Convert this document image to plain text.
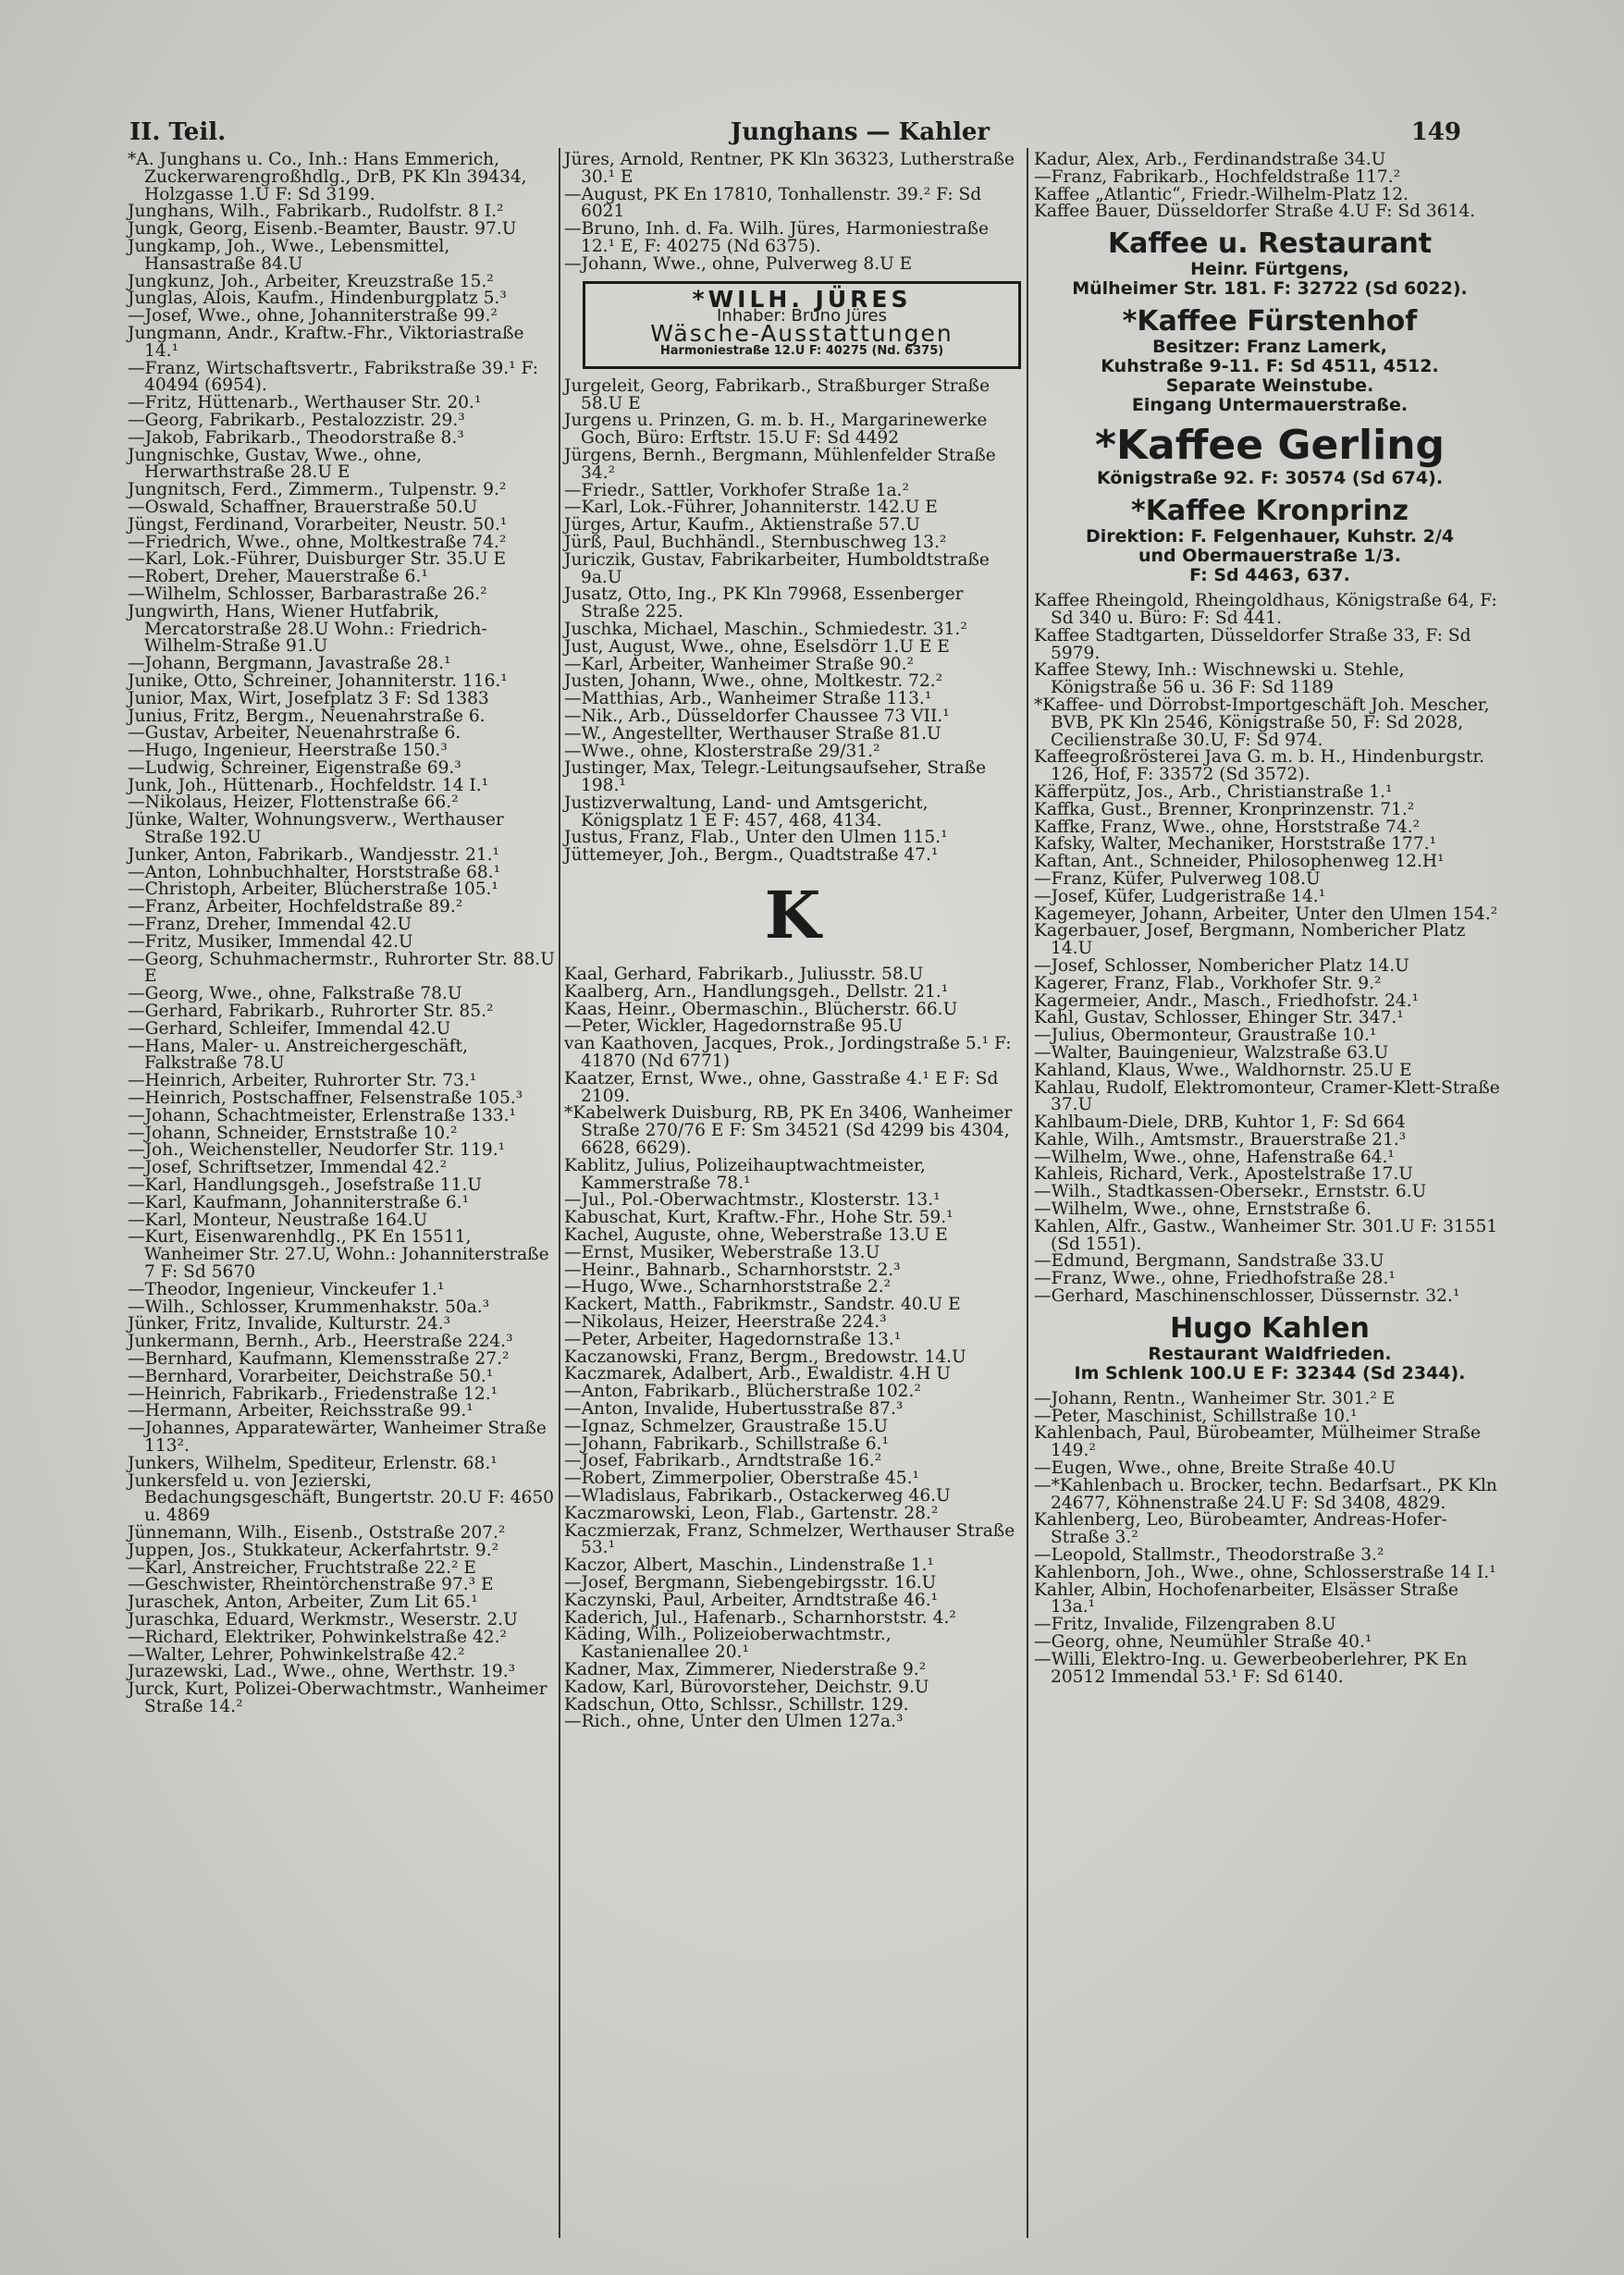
II. Teil.	Junghans — Kahler	149

*A. Junghans u. Co., Inh.: Hans Emmerich, Zuckerwarengroßhdlg., DrB, PK Kln 39434, Holzgasse 1.U F: Sd 3199.

Junghans, Wilh., Fabrikarb., Rudolfstr. 8 I.²

Jungk, Georg, Eisenb.-Beamter, Baustr. 97.U

Jungkamp, Joh., Wwe., Lebensmittel, Hansastraße 84.U

Jungkunz, Joh., Arbeiter, Kreuzstraße 15.²

Junglas, Alois, Kaufm., Hindenburgplatz 5.³

—Josef, Wwe., ohne, Johanniterstraße 99.²

Jungmann, Andr., Kraftw.-Fhr., Viktoriastraße 14.¹

—Franz, Wirtschaftsvertr., Fabrikstraße 39.¹ F: 40494 (6954).

—Fritz, Hüttenarb., Werthauser Str. 20.¹

—Georg, Fabrikarb., Pestalozzistr. 29.³

—Jakob, Fabrikarb., Theodorstraße 8.³

Jungnischke, Gustav, Wwe., ohne, Herwarthstraße 28.U E

Jungnitsch, Ferd., Zimmerm., Tulpenstr. 9.²

—Oswald, Schaffner, Brauerstraße 50.U

Jüngst, Ferdinand, Vorarbeiter, Neustr. 50.¹

—Friedrich, Wwe., ohne, Moltkestraße 74.²

—Karl, Lok.-Führer, Duisburger Str. 35.U E

—Robert, Dreher, Mauerstraße 6.¹

—Wilhelm, Schlosser, Barbarastraße 26.²

Jungwirth, Hans, Wiener Hutfabrik, Mercatorstraße 28.U Wohn.: Friedrich-Wilhelm-Straße 91.U

—Johann, Bergmann, Javastraße 28.¹

Junike, Otto, Schreiner, Johanniterstr. 116.¹

Junior, Max, Wirt, Josefplatz 3 F: Sd 1383

Junius, Fritz, Bergm., Neuenahrstraße 6.

—Gustav, Arbeiter, Neuenahrstraße 6.

—Hugo, Ingenieur, Heerstraße 150.³

—Ludwig, Schreiner, Eigenstraße 69.³

Junk, Joh., Hüttenarb., Hochfeldstr. 14 I.¹

—Nikolaus, Heizer, Flottenstraße 66.²

Jünke, Walter, Wohnungsverw., Werthauser Straße 192.U

Junker, Anton, Fabrikarb., Wandjesstr. 21.¹

—Anton, Lohnbuchhalter, Horststraße 68.¹

—Christoph, Arbeiter, Blücherstraße 105.¹

—Franz, Arbeiter, Hochfeldstraße 89.²

—Franz, Dreher, Immendal 42.U

—Fritz, Musiker, Immendal 42.U

—Georg, Schuhmachermstr., Ruhrorter Str. 88.U E

—Georg, Wwe., ohne, Falkstraße 78.U

—Gerhard, Fabrikarb., Ruhrorter Str. 85.²

—Gerhard, Schleifer, Immendal 42.U

—Hans, Maler- u. Anstreichergeschäft, Falkstraße 78.U

—Heinrich, Arbeiter, Ruhrorter Str. 73.¹

—Heinrich, Postschaffner, Felsenstraße 105.³

—Johann, Schachtmeister, Erlenstraße 133.¹

—Johann, Schneider, Ernststraße 10.²

—Joh., Weichensteller, Neudorfer Str. 119.¹

—Josef, Schriftsetzer, Immendal 42.²

—Karl, Handlungsgeh., Josefstraße 11.U

—Karl, Kaufmann, Johanniterstraße 6.¹

—Karl, Monteur, Neustraße 164.U

—Kurt, Eisenwarenhdlg., PK En 15511, Wanheimer Str. 27.U, Wohn.: Johanniterstraße 7 F: Sd 5670

—Theodor, Ingenieur, Vinckeufer 1.¹

—Wilh., Schlosser, Krummenhakstr. 50a.³

Jünker, Fritz, Invalide, Kulturstr. 24.³

Junkermann, Bernh., Arb., Heerstraße 224.³

—Bernhard, Kaufmann, Klemensstraße 27.²

—Bernhard, Vorarbeiter, Deichstraße 50.¹

—Heinrich, Fabrikarb., Friedenstraße 12.¹

—Hermann, Arbeiter, Reichsstraße 99.¹

—Johannes, Apparatewärter, Wanheimer Straße 113².

Junkers, Wilhelm, Spediteur, Erlenstr. 68.¹

Junkersfeld u. von Jezierski, Bedachungsgeschäft, Bungertstr. 20.U F: 4650 u. 4869

Jünnemann, Wilh., Eisenb., Oststraße 207.²

Juppen, Jos., Stukkateur, Ackerfahrtstr. 9.²

—Karl, Anstreicher, Fruchtstraße 22.² E

—Geschwister, Rheintörchenstraße 97.³ E

Juraschek, Anton, Arbeiter, Zum Lit 65.¹

Juraschka, Eduard, Werkmstr., Weserstr. 2.U

—Richard, Elektriker, Pohwinkelstraße 42.²

—Walter, Lehrer, Pohwinkelstraße 42.²

Jurazewski, Lad., Wwe., ohne, Werthstr. 19.³

Jurck, Kurt, Polizei-Oberwachtmstr., Wanheimer Straße 14.²

Jüres, Arnold, Rentner, PK Kln 36323, Lutherstraße 30.¹ E

—August, PK En 17810, Tonhallenstr. 39.² F: Sd 6021

—Bruno, Inh. d. Fa. Wilh. Jüres, Harmoniestraße 12.¹ E, F: 40275 (Nd 6375).

—Johann, Wwe., ohne, Pulverweg 8.U E

*WILH. JÜRES
Inhaber: Bruno Jüres
Wäsche-Ausstattungen
Harmoniestraße 12.U F: 40275 (Nd. 6375)

Jurgeleit, Georg, Fabrikarb., Straßburger Straße 58.U E

Jurgens u. Prinzen, G. m. b. H., Margarinewerke Goch, Büro: Erftstr. 15.U F: Sd 4492

Jürgens, Bernh., Bergmann, Mühlenfelder Straße 34.²

—Friedr., Sattler, Vorkhofer Straße 1a.²

—Karl, Lok.-Führer, Johanniterstr. 142.U E

Jürges, Artur, Kaufm., Aktienstraße 57.U

Jürß, Paul, Buchhändl., Sternbuschweg 13.²

Juriczik, Gustav, Fabrikarbeiter, Humboldtstraße 9a.U

Jusatz, Otto, Ing., PK Kln 79968, Essenberger Straße 225.

Juschka, Michael, Maschin., Schmiedestr. 31.²

Just, August, Wwe., ohne, Eselsdörr 1.U E E

—Karl, Arbeiter, Wanheimer Straße 90.²

Justen, Johann, Wwe., ohne, Moltkestr. 72.²

—Matthias, Arb., Wanheimer Straße 113.¹

—Nik., Arb., Düsseldorfer Chaussee 73 VII.¹

—W., Angestellter, Werthauser Straße 81.U

—Wwe., ohne, Klosterstraße 29/31.²

Justinger, Max, Telegr.-Leitungsaufseher, Straße 198.¹

Justizverwaltung, Land- und Amtsgericht, Königsplatz 1 E F: 457, 468, 4134.

Justus, Franz, Flab., Unter den Ulmen 115.¹

Jüttemeyer, Joh., Bergm., Quadtstraße 47.¹

K

Kaal, Gerhard, Fabrikarb., Juliusstr. 58.U

Kaalberg, Arn., Handlungsgeh., Dellstr. 21.¹

Kaas, Heinr., Obermaschin., Blücherstr. 66.U

—Peter, Wickler, Hagedornstraße 95.U

van Kaathoven, Jacques, Prok., Jordingstraße 5.¹ F: 41870 (Nd 6771)

Kaatzer, Ernst, Wwe., ohne, Gasstraße 4.¹ E F: Sd 2109.

*Kabelwerk Duisburg, RB, PK En 3406, Wanheimer Straße 270/76 E F: Sm 34521 (Sd 4299 bis 4304, 6628, 6629).

Kablitz, Julius, Polizeihauptwachtmeister, Kammerstraße 78.¹

—Jul., Pol.-Oberwachtmstr., Klosterstr. 13.¹

Kabuschat, Kurt, Kraftw.-Fhr., Hohe Str. 59.¹

Kachel, Auguste, ohne, Weberstraße 13.U E

—Ernst, Musiker, Weberstraße 13.U

—Heinr., Bahnarb., Scharnhorststr. 2.³

—Hugo, Wwe., Scharnhorststraße 2.²

Kackert, Matth., Fabrikmstr., Sandstr. 40.U E

—Nikolaus, Heizer, Heerstraße 224.³

—Peter, Arbeiter, Hagedornstraße 13.¹

Kaczanowski, Franz, Bergm., Bredowstr. 14.U

Kaczmarek, Adalbert, Arb., Ewaldistr. 4.H U

—Anton, Fabrikarb., Blücherstraße 102.²

—Anton, Invalide, Hubertusstraße 87.³

—Ignaz, Schmelzer, Graustraße 15.U

—Johann, Fabrikarb., Schillstraße 6.¹

—Josef, Fabrikarb., Arndtstraße 16.²

—Robert, Zimmerpolier, Oberstraße 45.¹

—Wladislaus, Fabrikarb., Ostackerweg 46.U

Kaczmarowski, Leon, Flab., Gartenstr. 28.²

Kaczmierzak, Franz, Schmelzer, Werthauser Straße 53.¹

Kaczor, Albert, Maschin., Lindenstraße 1.¹

—Josef, Bergmann, Siebengebirgsstr. 16.U

Kaczynski, Paul, Arbeiter, Arndtstraße 46.¹

Kaderich, Jul., Hafenarb., Scharnhorststr. 4.²

Käding, Wilh., Polizeioberwachtmstr., Kastanienallee 20.¹

Kadner, Max, Zimmerer, Niederstraße 9.²

Kadow, Karl, Bürovorsteher, Deichstr. 9.U

Kadschun, Otto, Schlssr., Schillstr. 129.

—Rich., ohne, Unter den Ulmen 127a.³

Kadur, Alex, Arb., Ferdinandstraße 34.U

—Franz, Fabrikarb., Hochfeldstraße 117.²

Kaffee „Atlantic“, Friedr.-Wilhelm-Platz 12.

Kaffee Bauer, Düsseldorfer Straße 4.U F: Sd 3614.

Kaffee u. Restaurant
Heinr. Fürtgens,
Mülheimer Str. 181. F: 32722 (Sd 6022).
*Kaffee Fürstenhof
Besitzer: Franz Lamerk,
Kuhstraße 9-11. F: Sd 4511, 4512.
Separate Weinstube.
Eingang Untermauerstraße.
*Kaffee Gerling
Königstraße 92. F: 30574 (Sd 674).
*Kaffee Kronprinz
Direktion: F. Felgenhauer, Kuhstr. 2/4
und Obermauerstraße 1/3.
F: Sd 4463, 637.

Kaffee Rheingold, Rheingoldhaus, Königstraße 64, F: Sd 340 u. Büro: F: Sd 441.

Kaffee Stadtgarten, Düsseldorfer Straße 33, F: Sd 5979.

Kaffee Stewy, Inh.: Wischnewski u. Stehle, Königstraße 56 u. 36 F: Sd 1189

*Kaffee- und Dörrobst-Importgeschäft Joh. Mescher, BVB, PK Kln 2546, Königstraße 50, F: Sd 2028, Cecilienstraße 30.U, F: Sd 974.

Kaffeegroßrösterei Java G. m. b. H., Hindenburgstr. 126, Hof, F: 33572 (Sd 3572).

Käfferpütz, Jos., Arb., Christianstraße 1.¹

Kaffka, Gust., Brenner, Kronprinzenstr. 71.²

Kaffke, Franz, Wwe., ohne, Horststraße 74.²

Kafsky, Walter, Mechaniker, Horststraße 177.¹

Kaftan, Ant., Schneider, Philosophenweg 12.H¹

—Franz, Küfer, Pulverweg 108.U

—Josef, Küfer, Ludgeristraße 14.¹

Kagemeyer, Johann, Arbeiter, Unter den Ulmen 154.²

Kagerbauer, Josef, Bergmann, Nombericher Platz 14.U

—Josef, Schlosser, Nombericher Platz 14.U

Kagerer, Franz, Flab., Vorkhofer Str. 9.²

Kagermeier, Andr., Masch., Friedhofstr. 24.¹

Kahl, Gustav, Schlosser, Ehinger Str. 347.¹

—Julius, Obermonteur, Graustraße 10.¹

—Walter, Bauingenieur, Walzstraße 63.U

Kahland, Klaus, Wwe., Waldhornstr. 25.U E

Kahlau, Rudolf, Elektromonteur, Cramer-Klett-Straße 37.U

Kahlbaum-Diele, DRB, Kuhtor 1, F: Sd 664

Kahle, Wilh., Amtsmstr., Brauerstraße 21.³

—Wilhelm, Wwe., ohne, Hafenstraße 64.¹

Kahleis, Richard, Verk., Apostelstraße 17.U

—Wilh., Stadtkassen-Obersekr., Ernststr. 6.U

—Wilhelm, Wwe., ohne, Ernststraße 6.

Kahlen, Alfr., Gastw., Wanheimer Str. 301.U F: 31551 (Sd 1551).

—Edmund, Bergmann, Sandstraße 33.U

—Franz, Wwe., ohne, Friedhofstraße 28.¹

—Gerhard, Maschinenschlosser, Düssernstr. 32.¹

Hugo Kahlen
Restaurant Waldfrieden.
Im Schlenk 100.U E F: 32344 (Sd 2344).

—Johann, Rentn., Wanheimer Str. 301.² E

—Peter, Maschinist, Schillstraße 10.¹

Kahlenbach, Paul, Bürobeamter, Mülheimer Straße 149.²

—Eugen, Wwe., ohne, Breite Straße 40.U

—*Kahlenbach u. Brocker, techn. Bedarfsart., PK Kln 24677, Köhnenstraße 24.U F: Sd 3408, 4829.

Kahlenberg, Leo, Bürobeamter, Andreas-Hofer-Straße 3.²

—Leopold, Stallmstr., Theodorstraße 3.²

Kahlenborn, Joh., Wwe., ohne, Schlosserstraße 14 I.¹

Kahler, Albin, Hochofenarbeiter, Elsässer Straße 13a.¹

—Fritz, Invalide, Filzengraben 8.U

—Georg, ohne, Neumühler Straße 40.¹

—Willi, Elektro-Ing. u. Gewerbeoberlehrer, PK En 20512 Immendal 53.¹ F: Sd 6140.
